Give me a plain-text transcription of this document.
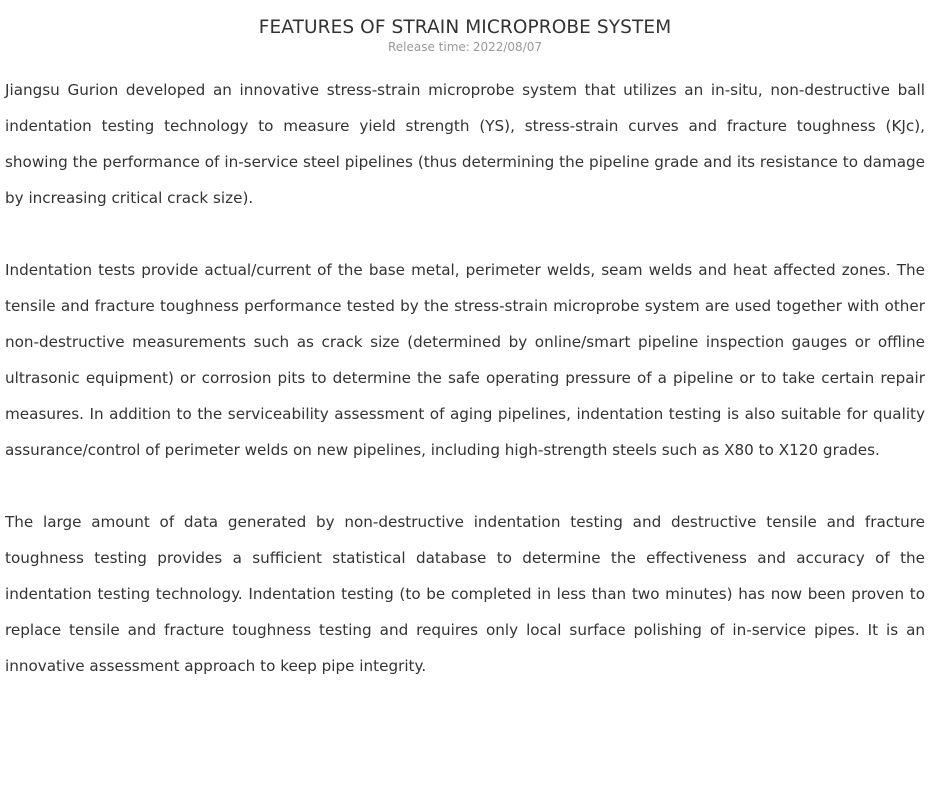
FEATURES OF STRAIN MICROPROBE SYSTEM
Release time: 2022/08/07

Jiangsu Gurion developed an innovative stress-strain microprobe system that utilizes an in-situ, non-destructive ball indentation testing technology to measure yield strength (YS), stress-strain curves and fracture toughness (KJc), showing the performance of in-service steel pipelines (thus determining the pipeline grade and its resistance to damage by increasing critical crack size).

Indentation tests provide actual/current of the base metal, perimeter welds, seam welds and heat affected zones. The tensile and fracture toughness performance tested by the stress-strain microprobe system are used together with other non-destructive measurements such as crack size (determined by online/smart pipeline inspection gauges or offline ultrasonic equipment) or corrosion pits to determine the safe operating pressure of a pipeline or to take certain repair measures. In addition to the serviceability assessment of aging pipelines, indentation testing is also suitable for quality assurance/control of perimeter welds on new pipelines, including high-strength steels such as X80 to X120 grades.

The large amount of data generated by non-destructive indentation testing and destructive tensile and fracture toughness testing provides a sufficient statistical database to determine the effectiveness and accuracy of the indentation testing technology. Indentation testing (to be completed in less than two minutes) has now been proven to replace tensile and fracture toughness testing and requires only local surface polishing of in-service pipes. It is an innovative assessment approach to keep pipe integrity.
